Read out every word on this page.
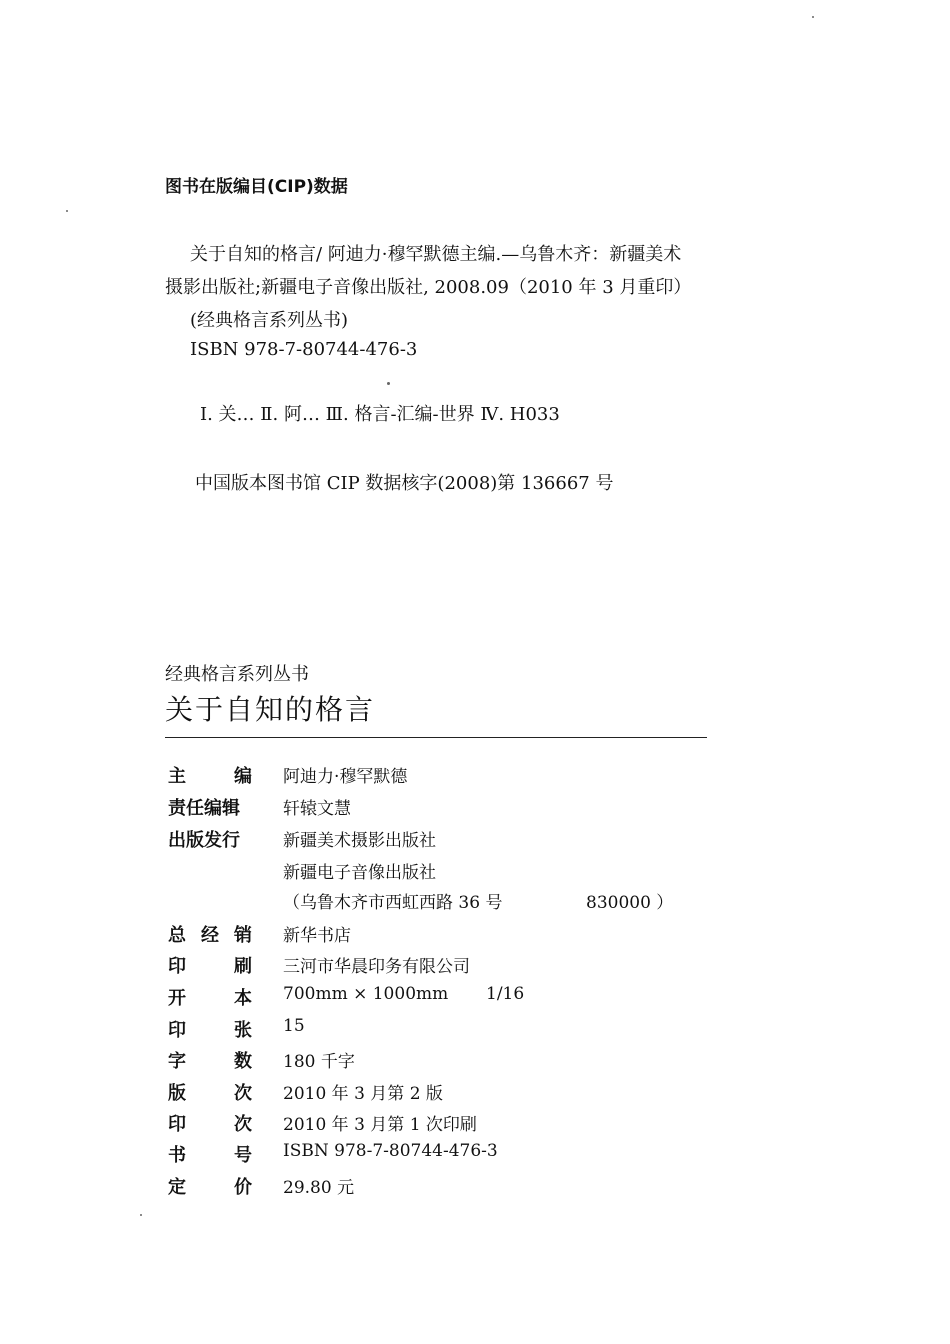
图书在版编目(CIP)数据
关于自知的格言/ 阿迪力·穆罕默德主编.—乌鲁木齐：新疆美术
摄影出版社;新疆电子音像出版社, 2008.09（2010 年 3 月重印）
(经典格言系列丛书)
ISBN 978-7-80744-476-3
Ⅰ. 关… Ⅱ. 阿… Ⅲ. 格言-汇编-世界 Ⅳ. H033
中国版本图书馆 CIP 数据核字(2008)第 136667 号
经典格言系列丛书
关于自知的格言
主	编 阿迪力·穆罕默德
责任编辑	轩辕文慧
出版发行	新疆美术摄影出版社
新疆电子音像出版社
（乌鲁木齐市西虹西路 36 号	830000 ）
总 经 销 新华书店
印	刷 三河市华晨印务有限公司
开	本 700mm × 1000mm 1/16
印	张 15
字	数 180 千字
版	次 2010 年 3 月第 2 版
印	次 2010 年 3 月第 1 次印刷
书	号 ISBN 978-7-80744-476-3
定	价 29.80 元
